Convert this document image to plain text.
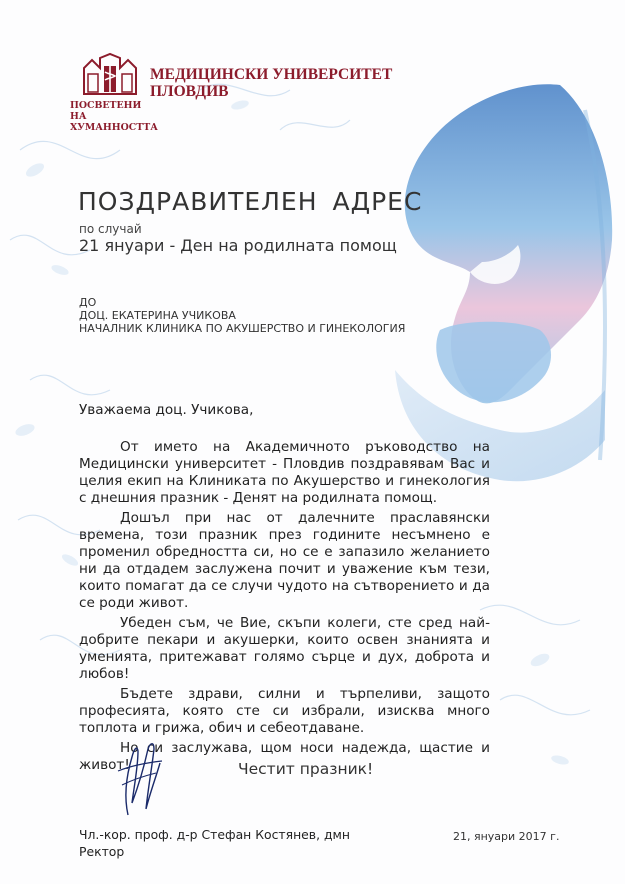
ПОСВЕТЕНИ НА
ХУМАННОСТТА
МЕДИЦИНСКИ УНИВЕРСИТЕТ
ПЛОВДИВ
ПОЗДРАВИТЕЛЕН АДРЕС
по случай
21 януари - Ден на родилната помощ
ДО
ДОЦ. ЕКАТЕРИНА УЧИКОВА
НАЧАЛНИК КЛИНИКА ПО АКУШЕРСТВО И ГИНЕКОЛОГИЯ
Уважаема доц. Учикова,

От името на Академичното ръководство на Медицински университет - Пловдив поздравявам Вас и целия екип на Клиниката по Акушерство и гинекология с днешния празник - Денят на родилната помощ.

Дошъл при нас от далечните праславянски времена, този празник през годините несъмнено е променил обредността си, но се е запазило желанието ни да отдадем заслужена почит и уважение към тези, които помагат да се случи чудото на сътворението и да се роди живот.

Убеден съм, че Вие, скъпи колеги, сте сред най-добрите пекари и акушерки, които освен знанията и уменията, притежават голямо сърце и дух, доброта и любов!

Бъдете здрави, силни и търпеливи, защото професията, която сте си избрали, изисква много топлота и грижа, обич и себеотдаване.

Но си заслужава, щом носи надежда, щастие и живот!	Честит празник!
Чл.-кор. проф. д-р Стефан Костянев, дмн
Ректор
21, януари 2017 г.
